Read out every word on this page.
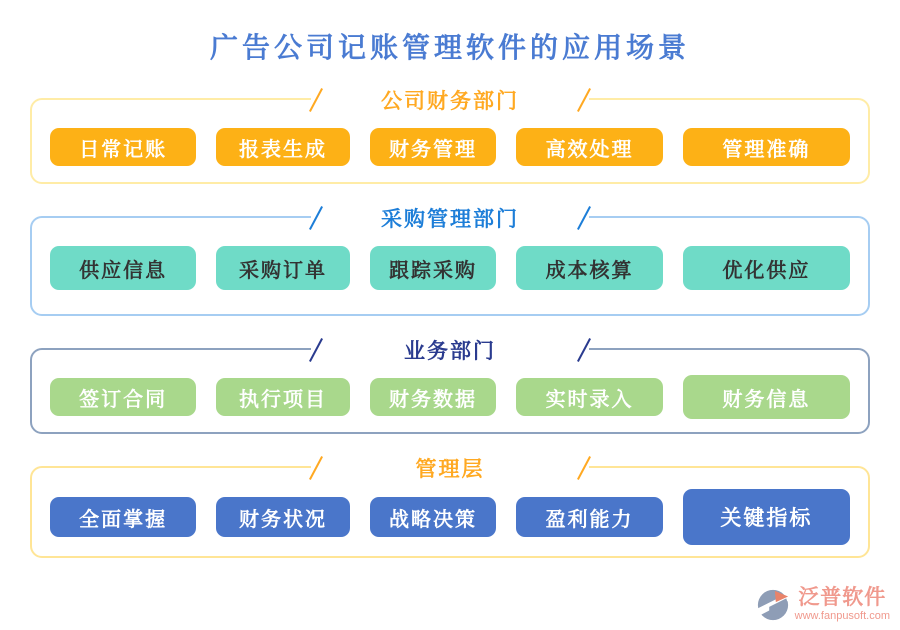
广告公司记账管理软件的应用场景
公司财务部门
日常记账	报表生成	财务管理	高效处理	管理准确
采购管理部门
供应信息	采购订单	跟踪采购	成本核算	优化供应
业务部门
签订合同	执行项目	财务数据	实时录入	财务信息
管理层
全面掌握	财务状况	战略决策	盈利能力	关键指标
泛普软件
www.fanpusoft.com
